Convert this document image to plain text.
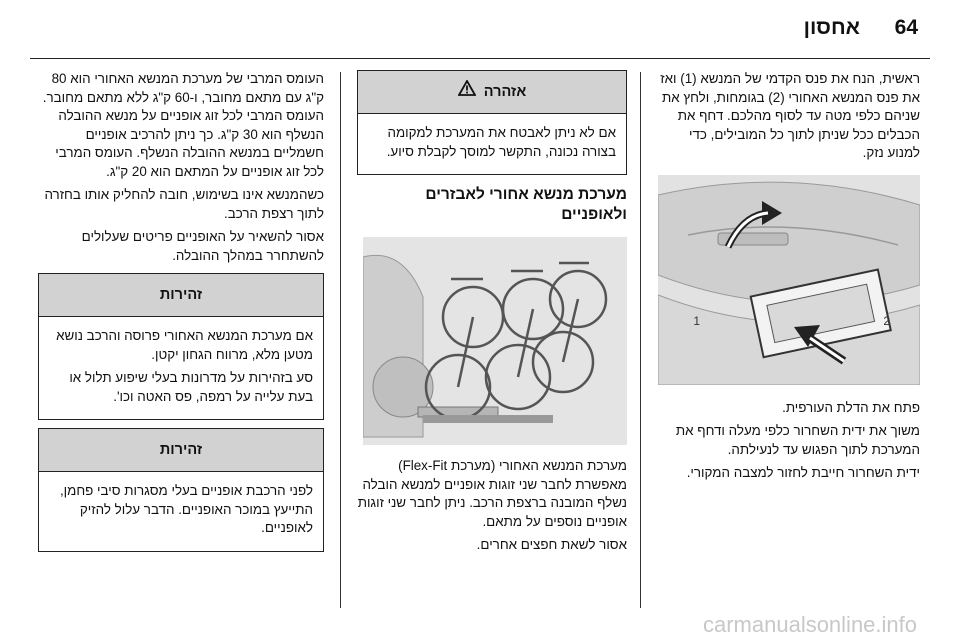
64
אחסון

ראשית, הנח את פנס הקדמי של המנשא (1) ואז את פנס המנשא האחורי (2) בגומחות, ולחץ את שניהם כלפי מטה עד לסוף מהלכם. דחף את הכבלים ככל שניתן לתוך כל המובילים, כדי למנוע נזק.

1	2

פתח את הדלת העורפית.

משוך את ידית השחרור כלפי מעלה ודחף את המערכת לתוך הפגוש עד לנעילתה.

ידית השחרור חייבת לחזור למצבה המקורי.

אזהרה

אם לא ניתן לאבטח את המערכת למקומה בצורה נכונה, התקשר למוסך לקבלת סיוע.

מערכת מנשא אחורי לאבזרים ולאופניים

מערכת המנשא האחורי (מערכת Flex-Fit) מאפשרת לחבר שני זוגות אופניים למנשא הובלה נשלף המובנה ברצפת הרכב. ניתן לחבר שני זוגות אופניים נוספים על מתאם.

אסור לשאת חפצים אחרים.

העומס המרבי של מערכת המנשא האחורי הוא 80 ק"ג עם מתאם מחובר, ו-60 ק"ג ללא מתאם מחובר. העומס המרבי לכל זוג אופניים על מנשא ההובלה הנשלף הוא 30 ק"ג. כך ניתן להרכיב אופניים חשמליים במנשא ההובלה הנשלף. העומס המרבי לכל זוג אופניים על המתאם הוא 20 ק"ג.

כשהמנשא אינו בשימוש, חובה להחליק אותו בחזרה לתוך רצפת הרכב.

אסור להשאיר על האופניים פריטים שעלולים להשתחרר במהלך ההובלה.

זהירות

אם מערכת המנשא האחורי פרוסה והרכב נושא מטען מלא, מרווח הגחון יקטן.

סע בזהירות על מדרונות בעלי שיפוע תלול או בעת עלייה על רמפה, פס האטה וכו'.

זהירות

לפני הרכבת אופניים בעלי מסגרות סיבי פחמן, התייעץ במוכר האופניים. הדבר עלול להזיק לאופניים.

carmanualsonline.info
